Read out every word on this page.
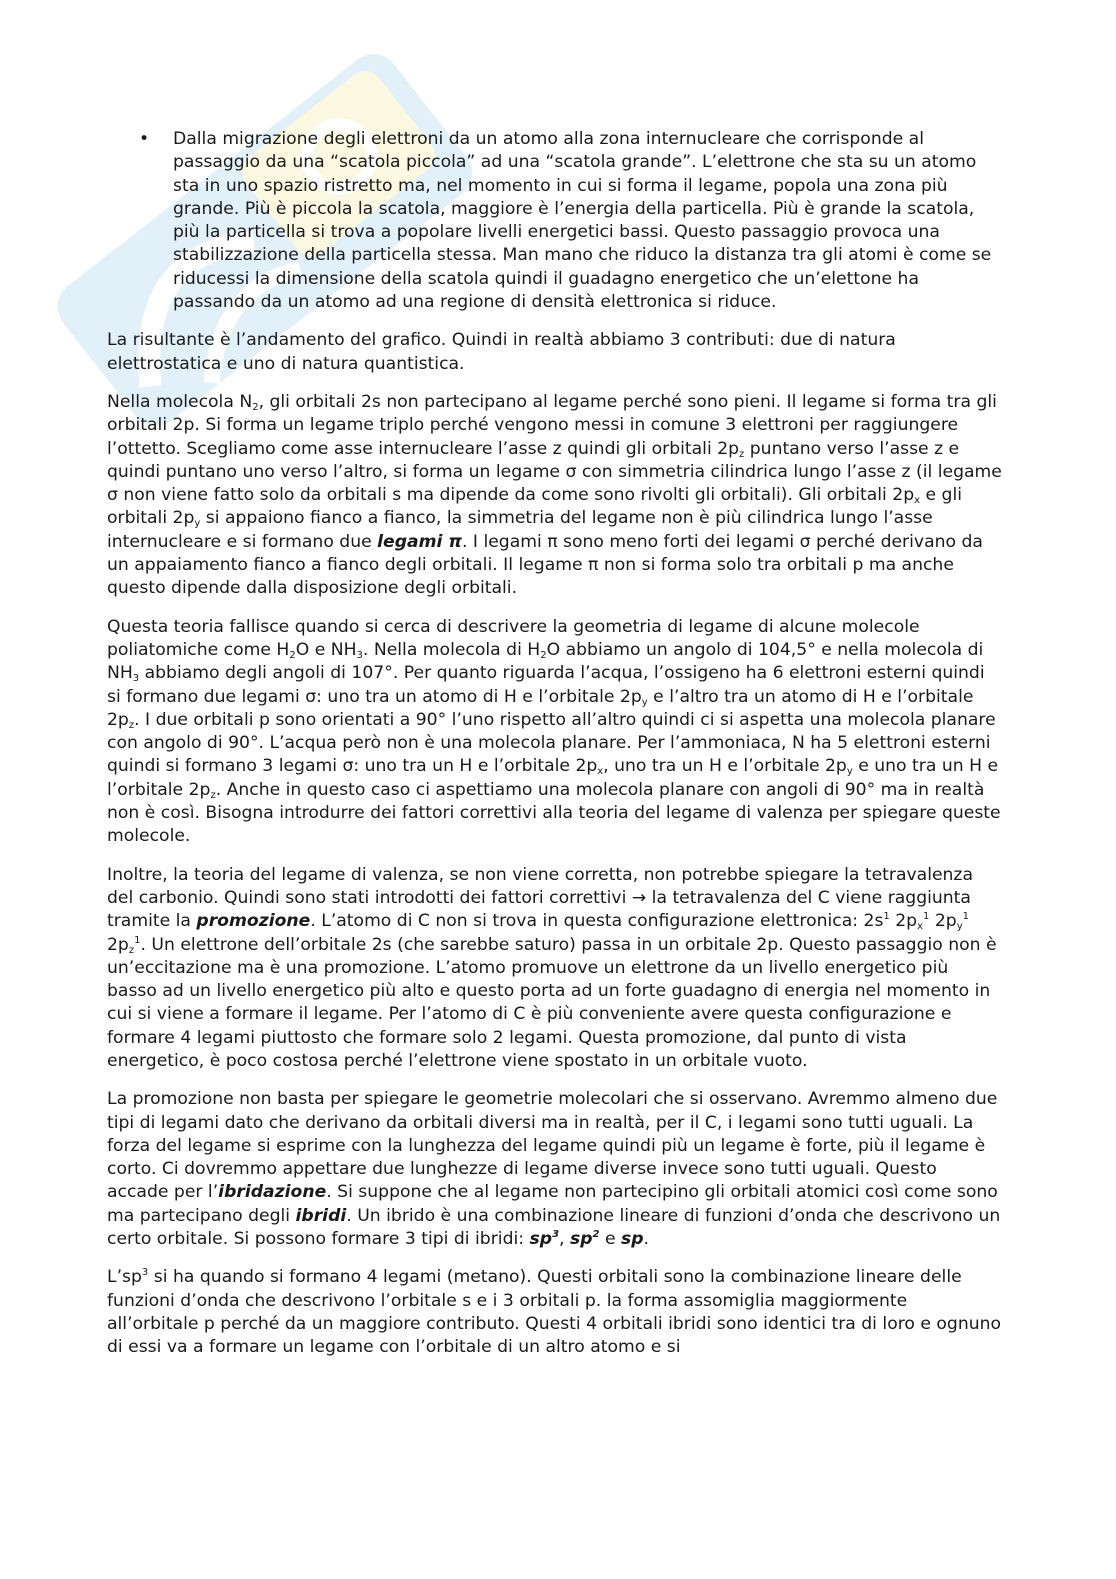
• Dalla migrazione degli elettroni da un atomo alla zona internucleare che corrisponde al passaggio da una “scatola piccola” ad una “scatola grande”. L’elettrone che sta su un atomo sta in uno spazio ristretto ma, nel momento in cui si forma il legame, popola una zona più grande. Più è piccola la scatola, maggiore è l’energia della particella. Più è grande la scatola, più la particella si trova a popolare livelli energetici bassi. Questo passaggio provoca una stabilizzazione della particella stessa. Man mano che riduco la distanza tra gli atomi è come se riducessi la dimensione della scatola quindi il guadagno energetico che un’elettone ha passando da un atomo ad una regione di densità elettronica si riduce.

La risultante è l’andamento del grafico. Quindi in realtà abbiamo 3 contributi: due di natura elettrostatica e uno di natura quantistica.

Nella molecola $N_2$, gli orbitali 2s non partecipano al legame perché sono pieni. Il legame si forma tra gli orbitali 2p. Si forma un legame triplo perché vengono messi in comune 3 elettroni per raggiungere l’ottetto. Scegliamo come asse internucleare l’asse z quindi gli orbitali $2p_z$ puntano verso l’asse z e quindi puntano uno verso l’altro, si forma un legame σ con simmetria cilindrica lungo l’asse z (il legame σ non viene fatto solo da orbitali s ma dipende da come sono rivolti gli orbitali). Gli orbitali $2p_x$ e gli orbitali $2p_y$ si appaiono fianco a fianco, la simmetria del legame non è più cilindrica lungo l’asse internucleare e si formano due legami π. I legami π sono meno forti dei legami σ perché derivano da un appaiamento fianco a fianco degli orbitali. Il legame π non si forma solo tra orbitali p ma anche questo dipende dalla disposizione degli orbitali.

Questa teoria fallisce quando si cerca di descrivere la geometria di legame di alcune molecole poliatomiche come $H_2O$ e $NH_3$. Nella molecola di $H_2O$ abbiamo un angolo di 104,5° e nella molecola di $NH_3$ abbiamo degli angoli di 107°. Per quanto riguarda l’acqua, l’ossigeno ha 6 elettroni esterni quindi si formano due legami σ: uno tra un atomo di H e l’orbitale $2p_y$ e l’altro tra un atomo di H e l’orbitale $2p_z$. I due orbitali p sono orientati a 90° l’uno rispetto all’altro quindi ci si aspetta una molecola planare con angolo di 90°. L’acqua però non è una molecola planare. Per l’ammoniaca, N ha 5 elettroni esterni quindi si formano 3 legami σ: uno tra un H e l’orbitale $2p_x$, uno tra un H e l’orbitale $2p_y$ e uno tra un H e l’orbitale $2p_z$. Anche in questo caso ci aspettiamo una molecola planare con angoli di 90° ma in realtà non è così. Bisogna introdurre dei fattori correttivi alla teoria del legame di valenza per spiegare queste molecole.

Inoltre, la teoria del legame di valenza, se non viene corretta, non potrebbe spiegare la tetravalenza del carbonio. Quindi sono stati introdotti dei fattori correttivi → la tetravalenza del C viene raggiunta tramite la promozione. L’atomo di C non si trova in questa configurazione elettronica: $2s^1$ $2p_x^1$ $2p_y^1$ $2p_z^1$. Un elettrone dell’orbitale 2s (che sarebbe saturo) passa in un orbitale 2p. Questo passaggio non è un’eccitazione ma è una promozione. L’atomo promuove un elettrone da un livello energetico più basso ad un livello energetico più alto e questo porta ad un forte guadagno di energia nel momento in cui si viene a formare il legame. Per l’atomo di C è più conveniente avere questa configurazione e formare 4 legami piuttosto che formare solo 2 legami. Questa promozione, dal punto di vista energetico, è poco costosa perché l’elettrone viene spostato in un orbitale vuoto.

La promozione non basta per spiegare le geometrie molecolari che si osservano. Avremmo almeno due tipi di legami dato che derivano da orbitali diversi ma in realtà, per il C, i legami sono tutti uguali. La forza del legame si esprime con la lunghezza del legame quindi più un legame è forte, più il legame è corto. Ci dovremmo appettare due lunghezze di legame diverse invece sono tutti uguali. Questo accade per l’ibridazione. Si suppone che al legame non partecipino gli orbitali atomici così come sono ma partecipano degli ibridi. Un ibrido è una combinazione lineare di funzioni d’onda che descrivono un certo orbitale. Si possono formare 3 tipi di ibridi: $sp^3$, $sp^2$ e sp.

$L’sp^3$ si ha quando si formano 4 legami (metano). Questi orbitali sono la combinazione lineare delle funzioni d’onda che descrivono l’orbitale s e i 3 orbitali p. la forma assomiglia maggiormente all’orbitale p perché da un maggiore contributo. Questi 4 orbitali ibridi sono identici tra di loro e ognuno di essi va a formare un legame con l’orbitale di un altro atomo e si
